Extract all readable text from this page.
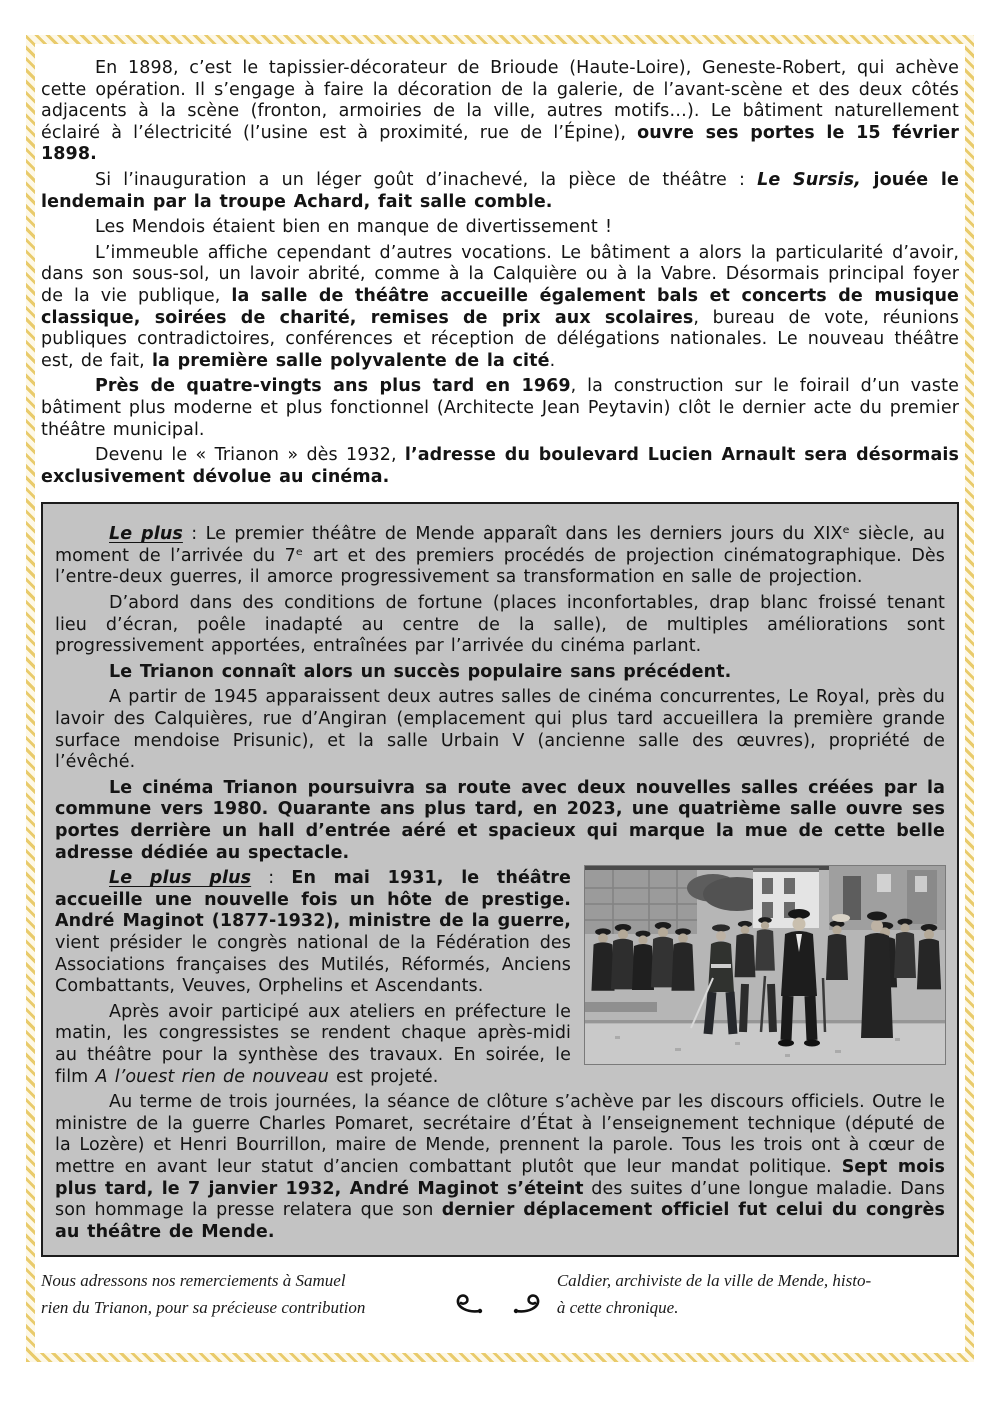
En 1898, c’est le tapissier-décorateur de Brioude (Haute-Loire), Geneste-Robert, qui achève cette opération. Il s’engage à faire la décoration de la galerie, de l’avant-scène et des deux côtés adjacents à la scène (fronton, armoiries de la ville, autres motifs…). Le bâtiment naturellement éclairé à l’électricité (l’usine est à proximité, rue de l’Épine), ouvre ses portes le 15 février 1898.

Si l’inauguration a un léger goût d’inachevé, la pièce de théâtre : Le Sursis, jouée le lendemain par la troupe Achard, fait salle comble.

Les Mendois étaient bien en manque de divertissement !

L’immeuble affiche cependant d’autres vocations. Le bâtiment a alors la particularité d’avoir, dans son sous-sol, un lavoir abrité, comme à la Calquière ou à la Vabre. Désormais principal foyer de la vie publique, la salle de théâtre accueille également bals et concerts de musique classique, soirées de charité, remises de prix aux scolaires, bureau de vote, réunions publiques contradictoires, conférences et réception de délégations nationales. Le nouveau théâtre est, de fait, la première salle polyvalente de la cité.

Près de quatre-vingts ans plus tard en 1969, la construction sur le foirail d’un vaste bâtiment plus moderne et plus fonctionnel (Architecte Jean Peytavin) clôt le dernier acte du premier théâtre municipal.

Devenu le « Trianon » dès 1932, l’adresse du boulevard Lucien Arnault sera désormais exclusivement dévolue au cinéma.

Le plus : Le premier théâtre de Mende apparaît dans les derniers jours du XIXᵉ siècle, au moment de l’arrivée du 7ᵉ art et des premiers procédés de projection cinématographique. Dès l’entre-deux guerres, il amorce progressivement sa transformation en salle de projection.

D’abord dans des conditions de fortune (places inconfortables, drap blanc froissé tenant lieu d’écran, poêle inadapté au centre de la salle), de multiples améliorations sont progressivement apportées, entraînées par l’arrivée du cinéma parlant.

Le Trianon connaît alors un succès populaire sans précédent.

A partir de 1945 apparaissent deux autres salles de cinéma concurrentes, Le Royal, près du lavoir des Calquières, rue d’Angiran (emplacement qui plus tard accueillera la première grande surface mendoise Prisunic), et la salle Urbain V (ancienne salle des œuvres), propriété de l’évêché.

Le cinéma Trianon poursuivra sa route avec deux nouvelles salles créées par la commune vers 1980. Quarante ans plus tard, en 2023, une quatrième salle ouvre ses portes derrière un hall d’entrée aéré et spacieux qui marque la mue de cette belle adresse dédiée au spectacle.

Le plus plus : En mai 1931, le théâtre accueille une nouvelle fois un hôte de prestige. André Maginot (1877-1932), ministre de la guerre, vient présider le congrès national de la Fédération des Associations françaises des Mutilés, Réformés, Anciens Combattants, Veuves, Orphelins et Ascendants.

Après avoir participé aux ateliers en préfecture le matin, les congressistes se rendent chaque après-midi au théâtre pour la synthèse des travaux. En soirée, le film A l’ouest rien de nouveau est projeté.

Au terme de trois journées, la séance de clôture s’achève par les discours officiels. Outre le ministre de la guerre Charles Pomaret, secrétaire d’État à l’enseignement technique (député de la Lozère) et Henri Bourrillon, maire de Mende, prennent la parole. Tous les trois ont à cœur de mettre en avant leur statut d’ancien combattant plutôt que leur mandat politique. Sept mois plus tard, le 7 janvier 1932, André Maginot s’éteint des suites d’une longue maladie. Dans son hommage la presse relatera que son dernier déplacement officiel fut celui du congrès au théâtre de Mende.

Nous adressons nos remerciements à Samuel
rien du Trianon, pour sa précieuse contribution
Caldier, archiviste de la ville de Mende, histo-
à cette chronique.
